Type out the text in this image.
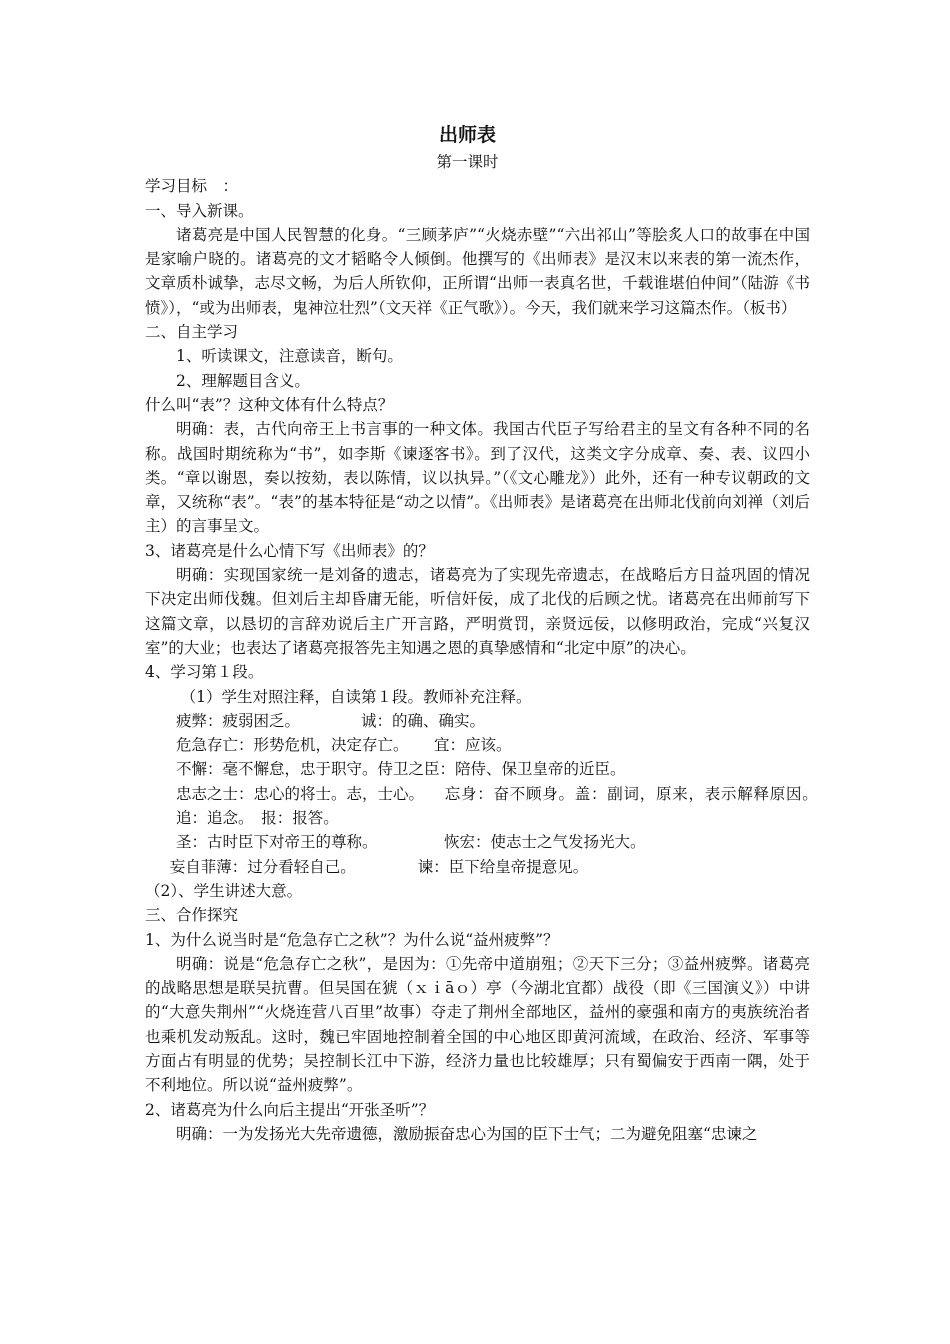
出师表
第一课时

学习目标　：

一、导入新课。

诸葛亮是中国人民智慧的化身。“三顾茅庐”“火烧赤壁”“六出祁山”等脍炙人口的故事在中国是家喻户晓的。诸葛亮的文才韬略令人倾倒。他撰写的《出师表》是汉末以来表的第一流杰作，文章质朴诚挚，志尽文畅，为后人所钦仰，正所谓“出师一表真名世，千载谁堪伯仲间”（陆游《书愤》），“或为出师表，鬼神泣壮烈”（文天祥《正气歌》）。今天，我们就来学习这篇杰作。（板书）

二、自主学习

1、听读课文，注意读音，断句。

2、理解题目含义。

什么叫“表”？这种文体有什么特点？

明确：表，古代向帝王上书言事的一种文体。我国古代臣子写给君主的呈文有各种不同的名称。战国时期统称为“书”，如李斯《谏逐客书》。到了汉代，这类文字分成章、奏、表、议四小类。“章以谢恩，奏以按劾，表以陈情，议以执异。”（《文心雕龙》）此外，还有一种专议朝政的文章，又统称“表”。“表”的基本特征是“动之以情”。《出师表》是诸葛亮在出师北伐前向刘禅（刘后主）的言事呈文。

3、诸葛亮是什么心情下写《出师表》的？

明确：实现国家统一是刘备的遗志，诸葛亮为了实现先帝遗志，在战略后方日益巩固的情况下决定出师伐魏。但刘后主却昏庸无能，听信奸佞，成了北伐的后顾之忧。诸葛亮在出师前写下这篇文章，以恳切的言辞劝说后主广开言路，严明赏罚，亲贤远佞，以修明政治，完成“兴复汉室”的大业；也表达了诸葛亮报答先主知遇之恩的真挚感情和“北定中原”的决心。

4、学习第１段。

（1）学生对照注释，自读第１段。教师补充注释。

疲弊：疲弱困乏。	诚：的确、确实。

危急存亡：形势危机，决定存亡。 宜：应该。

不懈：毫不懈怠，忠于职守。侍卫之臣：陪侍、保卫皇帝的近臣。

忠志之士：忠心的将士。志，士心。 忘身：奋不顾身。盖：副词，原来，表示解释原因。　追：追念。　报：报答。

圣：古时臣下对帝王的尊称。	恢宏：使志士之气发扬光大。

妄自菲薄：过分看轻自己。	谏：臣下给皇帝提意见。

（2）、学生讲述大意。

三、合作探究

1、为什么说当时是“危急存亡之秋”？为什么说“益州疲弊”？

明确：说是“危急存亡之秋”，是因为：①先帝中道崩殂；②天下三分；③益州疲弊。诸葛亮的战略思想是联吴抗曹。但吴国在猇（ｘｉāｏ）亭（今湖北宜都）战役（即《三国演义》）中讲的“大意失荆州”“火烧连营八百里”故事）夺走了荆州全部地区，益州的豪强和南方的夷族统治者也乘机发动叛乱。这时，魏已牢固地控制着全国的中心地区即黄河流域，在政治、经济、军事等方面占有明显的优势；吴控制长江中下游，经济力量也比较雄厚；只有蜀偏安于西南一隅，处于不利地位。所以说“益州疲弊”。

2、诸葛亮为什么向后主提出“开张圣听”？

明确：一为发扬光大先帝遗德，激励振奋忠心为国的臣下士气；二为避免阻塞“忠谏之
